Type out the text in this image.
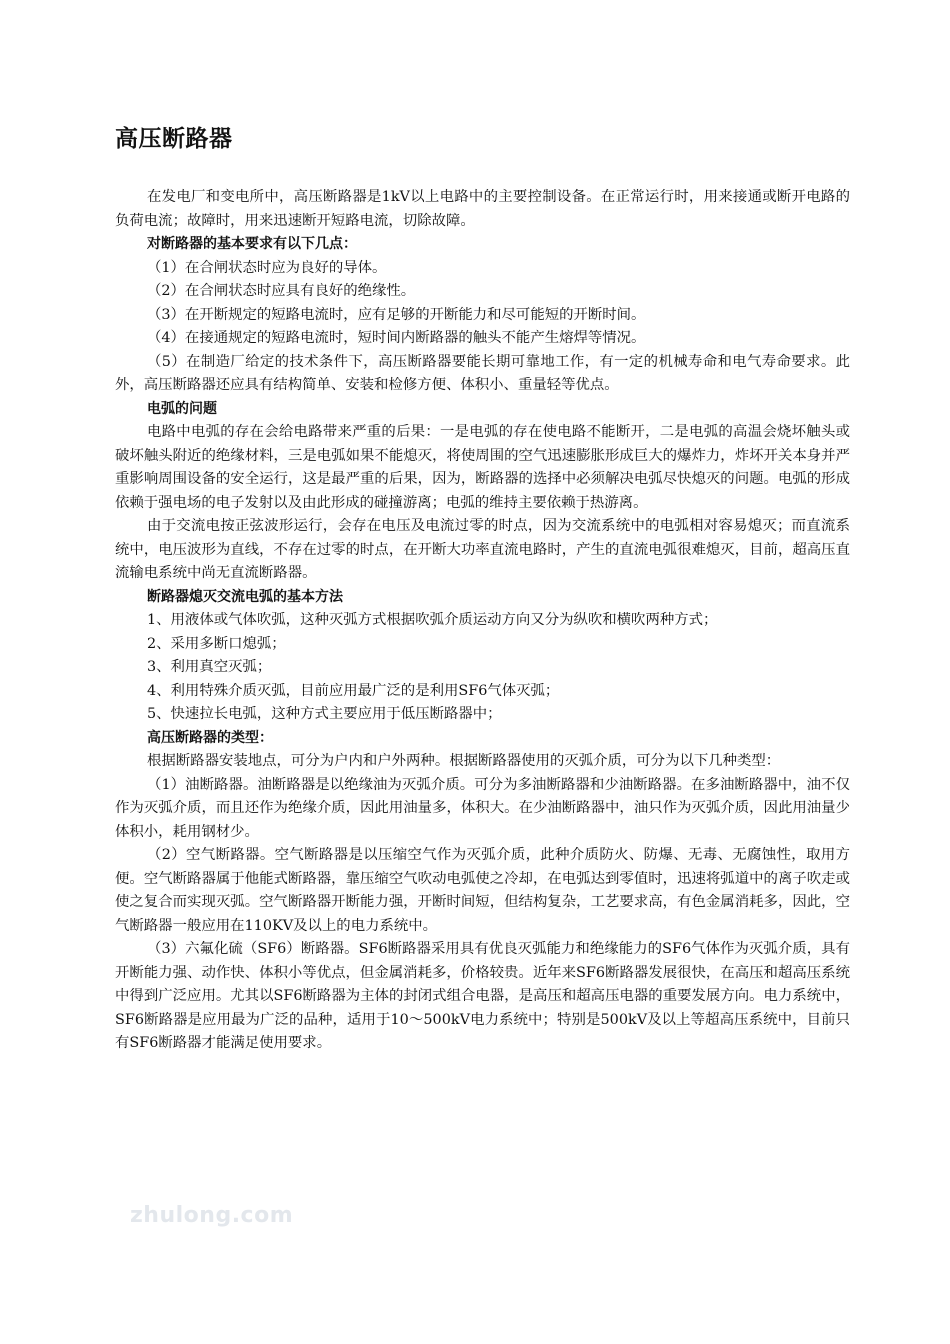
高压断路器

在发电厂和变电所中，高压断路器是1kV以上电路中的主要控制设备。在正常运行时，用来接通或断开电路的负荷电流；故障时，用来迅速断开短路电流，切除故障。

对断路器的基本要求有以下几点：

（1）在合闸状态时应为良好的导体。

（2）在合闸状态时应具有良好的绝缘性。

（3）在开断规定的短路电流时，应有足够的开断能力和尽可能短的开断时间。

（4）在接通规定的短路电流时，短时间内断路器的触头不能产生熔焊等情况。

（5）在制造厂给定的技术条件下，高压断路器要能长期可靠地工作，有一定的机械寿命和电气寿命要求。此外，高压断路器还应具有结构简单、安装和检修方便、体积小、重量轻等优点。

电弧的问题

电路中电弧的存在会给电路带来严重的后果：一是电弧的存在使电路不能断开，二是电弧的高温会烧坏触头或破坏触头附近的绝缘材料，三是电弧如果不能熄灭，将使周围的空气迅速膨胀形成巨大的爆炸力，炸坏开关本身并严重影响周围设备的安全运行，这是最严重的后果，因为，断路器的选择中必须解决电弧尽快熄灭的问题。电弧的形成依赖于强电场的电子发射以及由此形成的碰撞游离；电弧的维持主要依赖于热游离。

由于交流电按正弦波形运行，会存在电压及电流过零的时点，因为交流系统中的电弧相对容易熄灭；而直流系统中，电压波形为直线，不存在过零的时点，在开断大功率直流电路时，产生的直流电弧很难熄灭，目前，超高压直流输电系统中尚无直流断路器。

断路器熄灭交流电弧的基本方法

1、用液体或气体吹弧，这种灭弧方式根据吹弧介质运动方向又分为纵吹和横吹两种方式；

2、采用多断口熄弧；

3、利用真空灭弧；

4、利用特殊介质灭弧，目前应用最广泛的是利用SF6气体灭弧；

5、快速拉长电弧，这种方式主要应用于低压断路器中；

高压断路器的类型：

根据断路器安装地点，可分为户内和户外两种。根据断路器使用的灭弧介质，可分为以下几种类型：

（1）油断路器。油断路器是以绝缘油为灭弧介质。可分为多油断路器和少油断路器。在多油断路器中，油不仅作为灭弧介质，而且还作为绝缘介质，因此用油量多，体积大。在少油断路器中，油只作为灭弧介质，因此用油量少体积小，耗用钢材少。

（2）空气断路器。空气断路器是以压缩空气作为灭弧介质，此种介质防火、防爆、无毒、无腐蚀性，取用方便。空气断路器属于他能式断路器，靠压缩空气吹动电弧使之冷却，在电弧达到零值时，迅速将弧道中的离子吹走或使之复合而实现灭弧。空气断路器开断能力强，开断时间短，但结构复杂，工艺要求高，有色金属消耗多，因此，空气断路器一般应用在110KV及以上的电力系统中。

（3）六氟化硫（SF6）断路器。SF6断路器采用具有优良灭弧能力和绝缘能力的SF6气体作为灭弧介质，具有开断能力强、动作快、体积小等优点，但金属消耗多，价格较贵。近年来SF6断路器发展很快，在高压和超高压系统中得到广泛应用。尤其以SF6断路器为主体的封闭式组合电器，是高压和超高压电器的重要发展方向。电力系统中，SF6断路器是应用最为广泛的品种，适用于10～500kV电力系统中；特别是500kV及以上等超高压系统中，目前只有SF6断路器才能满足使用要求。

zhulong.com
